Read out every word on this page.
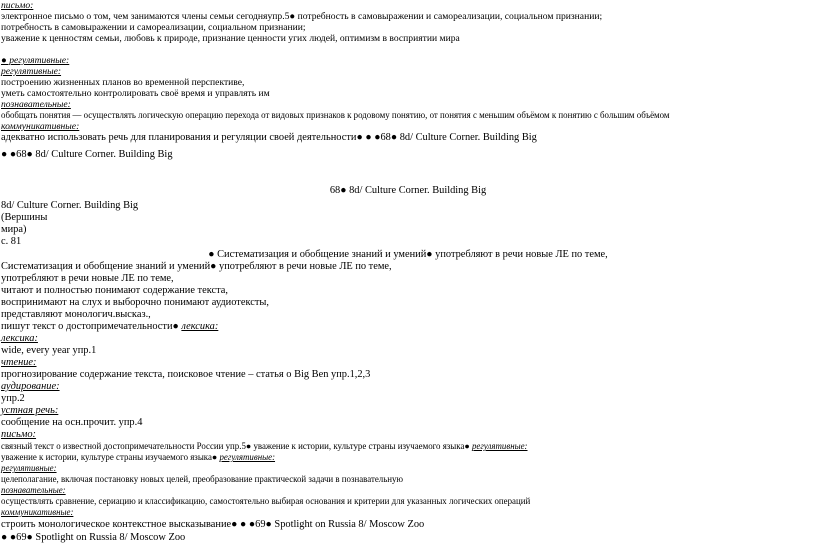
письмо:
электронное письмо о том, чем занимаются члены семьи сегодняупр.5● потребность в самовыражении и самореализации, социальном признании;
потребность в самовыражении и самореализации, социальном признании;
уважение к ценностям семьи, любовь к природе, признание ценности угих людей, оптимизм в восприятии мира
● регулятивные:
регулятивные:
построению жизненных планов во временной перспективе,
уметь самостоятельно контролировать своё время и управлять им
познавательные:
обобщать понятия — осуществлять логическую операцию перехода от видовых признаков к родовому понятию, от понятия с меньшим объёмом к понятию с большим объёмом
коммуникативные:
адекватно использовать речь для планирования и регуляции своей деятельности● ● ●68● 8d/ Culture Corner. Building Big
● ●68● 8d/ Culture Corner. Building Big
68● 8d/ Culture Corner. Building Big
8d/ Culture Corner. Building Big
(Вершины
мира)
с. 81
● Систематизация и обобщение знаний и умений● употребляют в речи новые ЛЕ по теме,
Систематизация и обобщение знаний и умений● употребляют в речи новые ЛЕ по теме,
употребляют в речи новые ЛЕ по теме,
читают и полностью понимают содержание текста,
воспринимают на слух и выборочно понимают аудиотексты,
представляют монологич.выскaз.,
пишут текст о достопримечательности● лексика:
лексика:
wide, every year упр.1
чтение:
прогнозирование содержание текста, поисковое чтение – статья о Big Ben упр.1,2,3
аудирование:
упр.2
устная речь:
сообщение на осн.прочит. упр.4
письмо:
связный текст о известной достопримечательности России упр.5● уважение к истории, культуре страны изучаемого языка● регулятивные:
уважение к истории, культуре страны изучаемого языка● регулятивные:
регулятивные:
целеполагание, включая постановку новых целей, преобразование практической задачи в познавательную
познавательные:
осуществлять сравнение, сериацию и классификацию, самостоятельно выбирая основания и критерии для указанных логических операций
коммуникативные:
строить монологическое контекстное высказывание● ● ●69● Spotlight on Russia 8/ Moscow Zoo
● ●69● Spotlight on Russia 8/ Moscow Zoo
